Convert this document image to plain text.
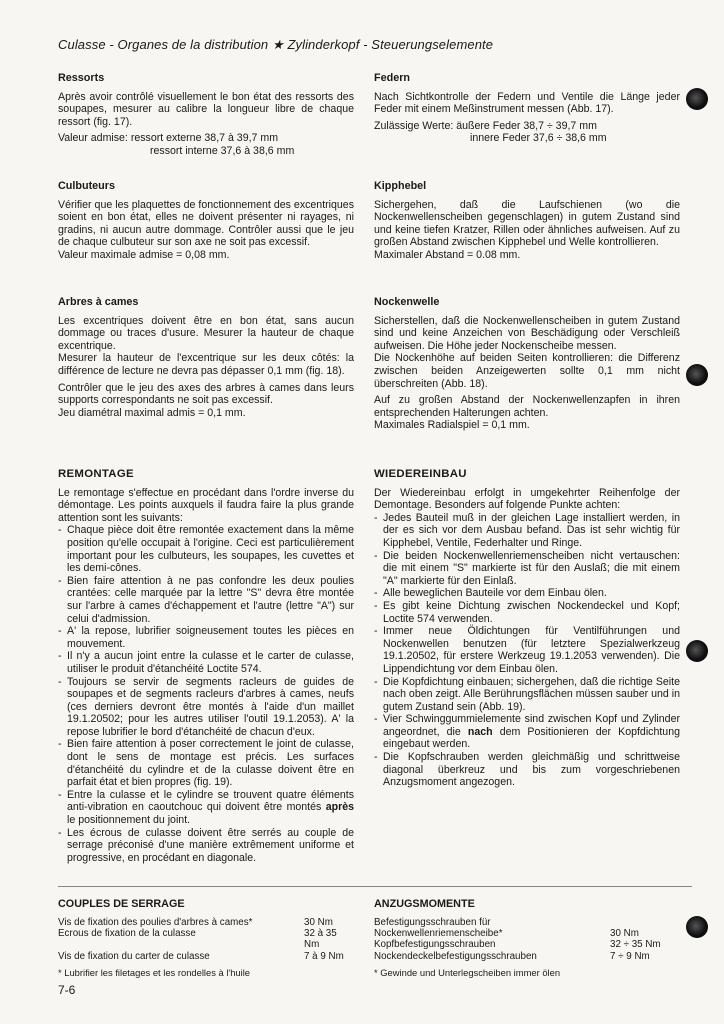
Culasse - Organes de la distribution ★ Zylinderkopf - Steuerungselemente
Ressorts

Après avoir contrôlé visuellement le bon état des ressorts des soupapes, mesurer au calibre la longueur libre de chaque ressort (fig. 17).

Valeur admise: ressort externe 38,7 à 39,7 mm
ressort interne 37,6 à 38,6 mm
Culbuteurs

Vérifier que les plaquettes de fonctionnement des excentriques soient en bon état, elles ne doivent présenter ni rayages, ni gradins, ni aucun autre dommage. Contrôler aussi que le jeu de chaque culbuteur sur son axe ne soit pas excessif.

Valeur maximale admise = 0,08 mm.

Arbres à cames

Les excentriques doivent être en bon état, sans aucun dommage ou traces d'usure. Mesurer la hauteur de chaque excentrique.

Mesurer la hauteur de l'excentrique sur les deux côtés: la différence de lecture ne devra pas dépasser 0,1 mm (fig. 18).

Contrôler que le jeu des axes des arbres à cames dans leurs supports correspondants ne soit pas excessif.

Jeu diamétral maximal admis = 0,1 mm.

REMONTAGE

Le remontage s'effectue en procédant dans l'ordre inverse du démontage. Les points auxquels il faudra faire la plus grande attention sont les suivants:

- Chaque pièce doit être remontée exactement dans la même position qu'elle occupait à l'origine. Ceci est particulièrement important pour les culbuteurs, les soupapes, les cuvettes et les demi-cônes.
- Bien faire attention à ne pas confondre les deux poulies crantées: celle marquée par la lettre "S" devra être montée sur l'arbre à cames d'échappement et l'autre (lettre "A") sur celui d'admission.
- A' la repose, lubrifier soigneusement toutes les pièces en mouvement.
- Il n'y a aucun joint entre la culasse et le carter de culasse, utiliser le produit d'étanchéité Loctite 574.
- Toujours se servir de segments racleurs de guides de soupapes et de segments racleurs d'arbres à cames, neufs (ces derniers devront être montés à l'aide d'un maillet 19.1.20502; pour les autres utiliser l'outil 19.1.2053). A' la repose lubrifier le bord d'étanchéité de chacun d'eux.
- Bien faire attention à poser correctement le joint de culasse, dont le sens de montage est précis. Les surfaces d'étanchéité du cylindre et de la culasse doivent être en parfait état et bien propres (fig. 19).
- Entre la culasse et le cylindre se trouvent quatre éléments anti-vibration en caoutchouc qui doivent être montés après le positionnement du joint.
- Les écrous de culasse doivent être serrés au couple de serrage préconisé d'une manière extrêmement uniforme et progressive, en procédant en diagonale.
COUPLES DE SERRAGE
Vis de fixation des poulies d'arbres à cames*	30 Nm
Ecrous de fixation de la culasse	32 à 35 Nm
Vis de fixation du carter de culasse	7 à 9 Nm
* Lubrifier les filetages et les rondelles à l'huile
Federn

Nach Sichtkontrolle der Federn und Ventile die Länge jeder Feder mit einem Meßinstrument messen (Abb. 17).

Zulässige Werte: äußere Feder 38,7 ÷ 39,7 mm
innere Feder 37,6 ÷ 38,6 mm
Kipphebel

Sichergehen, daß die Laufschienen (wo die Nockenwellenscheiben gegenschlagen) in gutem Zustand sind und keine tiefen Kratzer, Rillen oder ähnliches aufweisen. Auf zu großen Abstand zwischen Kipphebel und Welle kontrollieren.

Maximaler Abstand = 0.08 mm.

Nockenwelle

Sicherstellen, daß die Nockenwellenscheiben in gutem Zustand sind und keine Anzeichen von Beschädigung oder Verschleiß aufweisen. Die Höhe jeder Nockenscheibe messen.

Die Nockenhöhe auf beiden Seiten kontrollieren: die Differenz zwischen beiden Anzeigewerten sollte 0,1 mm nicht überschreiten (Abb. 18).

Auf zu großen Abstand der Nockenwellenzapfen in ihren entsprechenden Halterungen achten.

Maximales Radialspiel = 0,1 mm.

WIEDEREINBAU

Der Wiedereinbau erfolgt in umgekehrter Reihenfolge der Demontage. Besonders auf folgende Punkte achten:

- Jedes Bauteil muß in der gleichen Lage installiert werden, in der es sich vor dem Ausbau befand. Das ist sehr wichtig für Kipphebel, Ventile, Federhalter und Ringe.
- Die beiden Nockenwellenriemenscheiben nicht vertauschen: die mit einem "S" markierte ist für den Auslaß; die mit einem "A" markierte für den Einlaß.
- Alle beweglichen Bauteile vor dem Einbau ölen.
- Es gibt keine Dichtung zwischen Nockendeckel und Kopf; Loctite 574 verwenden.
- Immer neue Öldichtungen für Ventilführungen und Nockenwellen benutzen (für letztere Spezialwerkzeug 19.1.20502, für erstere Werkzeug 19.1.2053 verwenden). Die Lippendichtung vor dem Einbau ölen.
- Die Kopfdichtung einbauen; sichergehen, daß die richtige Seite nach oben zeigt. Alle Berührungsflächen müssen sauber und in gutem Zustand sein (Abb. 19).
- Vier Schwinggummielemente sind zwischen Kopf und Zylinder angeordnet, die nach dem Positionieren der Kopfdichtung eingebaut werden.
- Die Kopfschrauben werden gleichmäßig und schrittweise diagonal überkreuz und bis zum vorgeschriebenen Anzugsmoment angezogen.
ANZUGSMOMENTE
Befestigungsschrauben für Nockenwellenriemenscheibe*	30 Nm
Kopfbefestigungsschrauben	32 ÷ 35 Nm
Nockendeckelbefestigungsschrauben	7 ÷ 9 Nm
* Gewinde und Unterlegscheiben immer ölen
7-6
